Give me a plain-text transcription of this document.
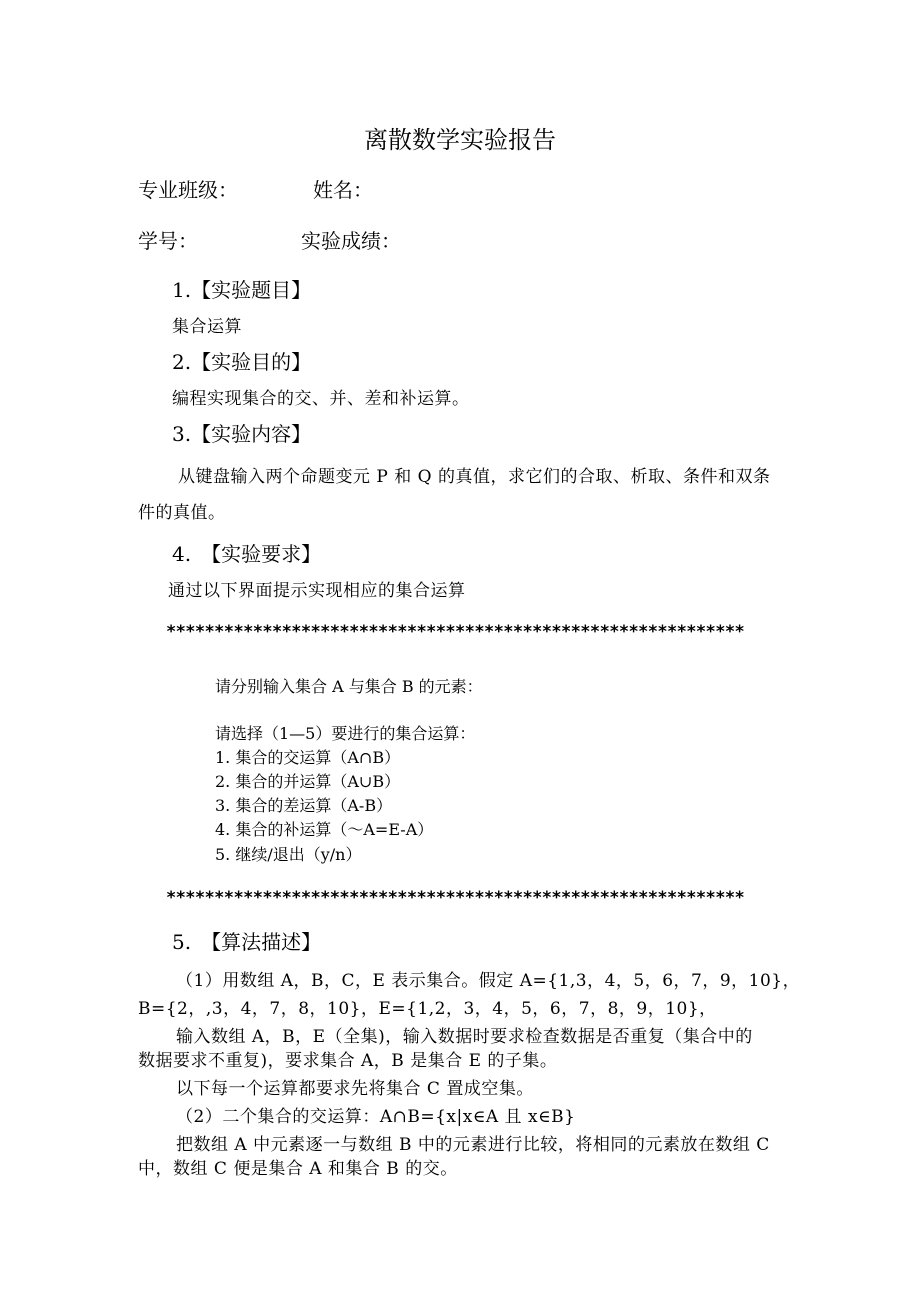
离散数学实验报告
专业班级：	姓名：
学号：	实验成绩：
1.【实验题目】
集合运算
2.【实验目的】
编程实现集合的交、并、差和补运算。
3.【实验内容】
从键盘输入两个命题变元 P 和 Q 的真值，求它们的合取、析取、条件和双条
件的真值。
4.　【实验要求】
通过以下界面提示实现相应的集合运算
************************************************************
请分别输入集合 A 与集合 B 的元素：
请选择（1—5）要进行的集合运算：
1. 集合的交运算（A∩B）
2. 集合的并运算（A∪B）
3. 集合的差运算（A-B）
4. 集合的补运算（～A=E-A）
5. 继续/退出（y/n）
************************************************************
5.　【算法描述】
（1）用数组 A，B，C，E 表示集合。假定 A={1,3，4，5，6，7，9，10}，
B={2，,3，4，7，8，10}，E={1,2，3，4，5，6，7，8，9，10}，
输入数组 A，B，E（全集)，输入数据时要求检查数据是否重复（集合中的
数据要求不重复)，要求集合 A，B 是集合 E 的子集。
以下每一个运算都要求先将集合 C 置成空集。
（2）二个集合的交运算：A∩B={x|x∈A 且 x∈B}
把数组 A 中元素逐一与数组 B 中的元素进行比较，将相同的元素放在数组 C
中，数组 C 便是集合 A 和集合 B 的交。
